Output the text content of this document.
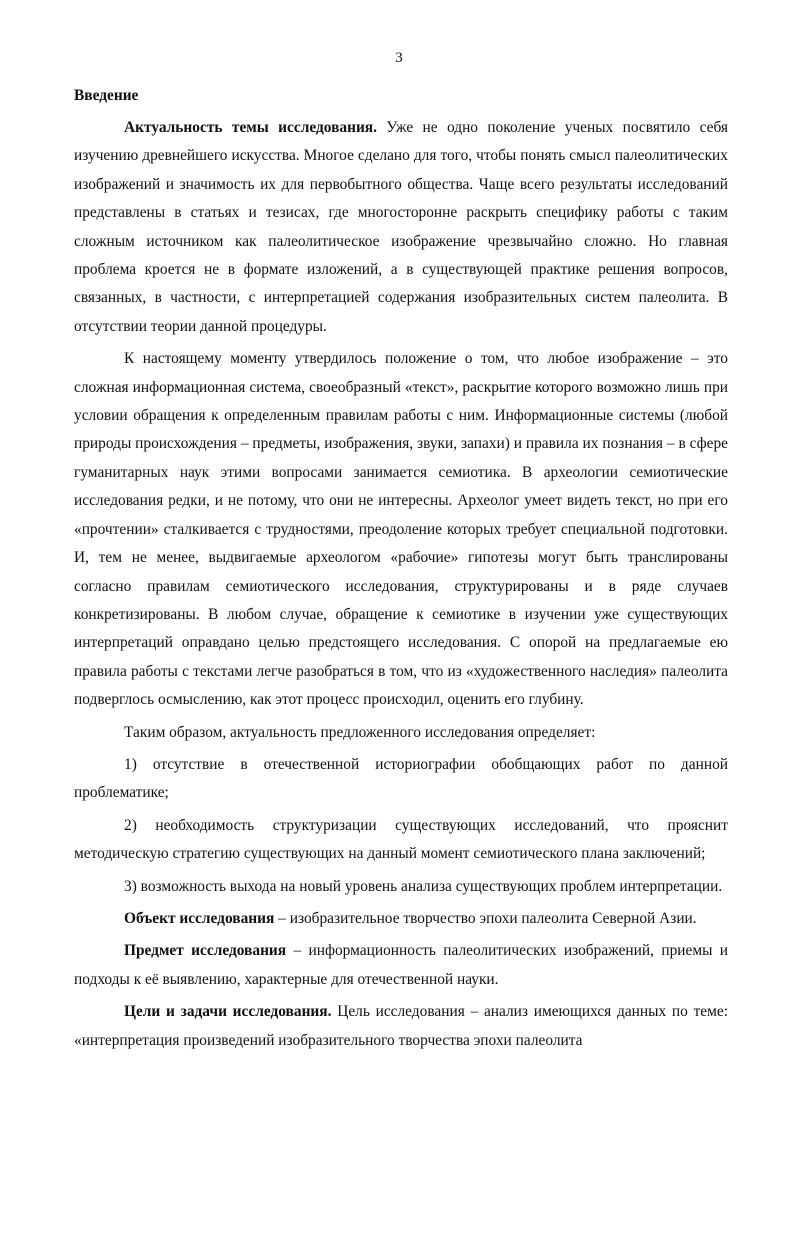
3
Введение

Актуальность темы исследования. Уже не одно поколение ученых посвятило себя изучению древнейшего искусства. Многое сделано для того, чтобы понять смысл палеолитических изображений и значимость их для первобытного общества. Чаще всего результаты исследований представлены в статьях и тезисах, где многосторонне раскрыть специфику работы с таким сложным источником как палеолитическое изображение чрезвычайно сложно. Но главная проблема кроется не в формате изложений, а в существующей практике решения вопросов, связанных, в частности, с интерпретацией содержания изобразительных систем палеолита. В отсутствии теории данной процедуры.

К настоящему моменту утвердилось положение о том, что любое изображение – это сложная информационная система, своеобразный «текст», раскрытие которого возможно лишь при условии обращения к определенным правилам работы с ним. Информационные системы (любой природы происхождения – предметы, изображения, звуки, запахи) и правила их познания – в сфере гуманитарных наук этими вопросами занимается семиотика. В археологии семиотические исследования редки, и не потому, что они не интересны. Археолог умеет видеть текст, но при его «прочтении» сталкивается с трудностями, преодоление которых требует специальной подготовки. И, тем не менее, выдвигаемые археологом «рабочие» гипотезы могут быть транслированы согласно правилам семиотического исследования, структурированы и в ряде случаев конкретизированы. В любом случае, обращение к семиотике в изучении уже существующих интерпретаций оправдано целью предстоящего исследования. С опорой на предлагаемые ею правила работы с текстами легче разобраться в том, что из «художественного наследия» палеолита подверглось осмыслению, как этот процесс происходил, оценить его глубину.

Таким образом, актуальность предложенного исследования определяет:

1) отсутствие в отечественной историографии обобщающих работ по данной проблематике;

2) необходимость структуризации существующих исследований, что прояснит методическую стратегию существующих на данный момент семиотического плана заключений;

3) возможность выхода на новый уровень анализа существующих проблем интерпретации.

Объект исследования – изобразительное творчество эпохи палеолита Северной Азии.

Предмет исследования – информационность палеолитических изображений, приемы и подходы к её выявлению, характерные для отечественной науки.

Цели и задачи исследования. Цель исследования – анализ имеющихся данных по теме: «интерпретация произведений изобразительного творчества эпохи палеолита
